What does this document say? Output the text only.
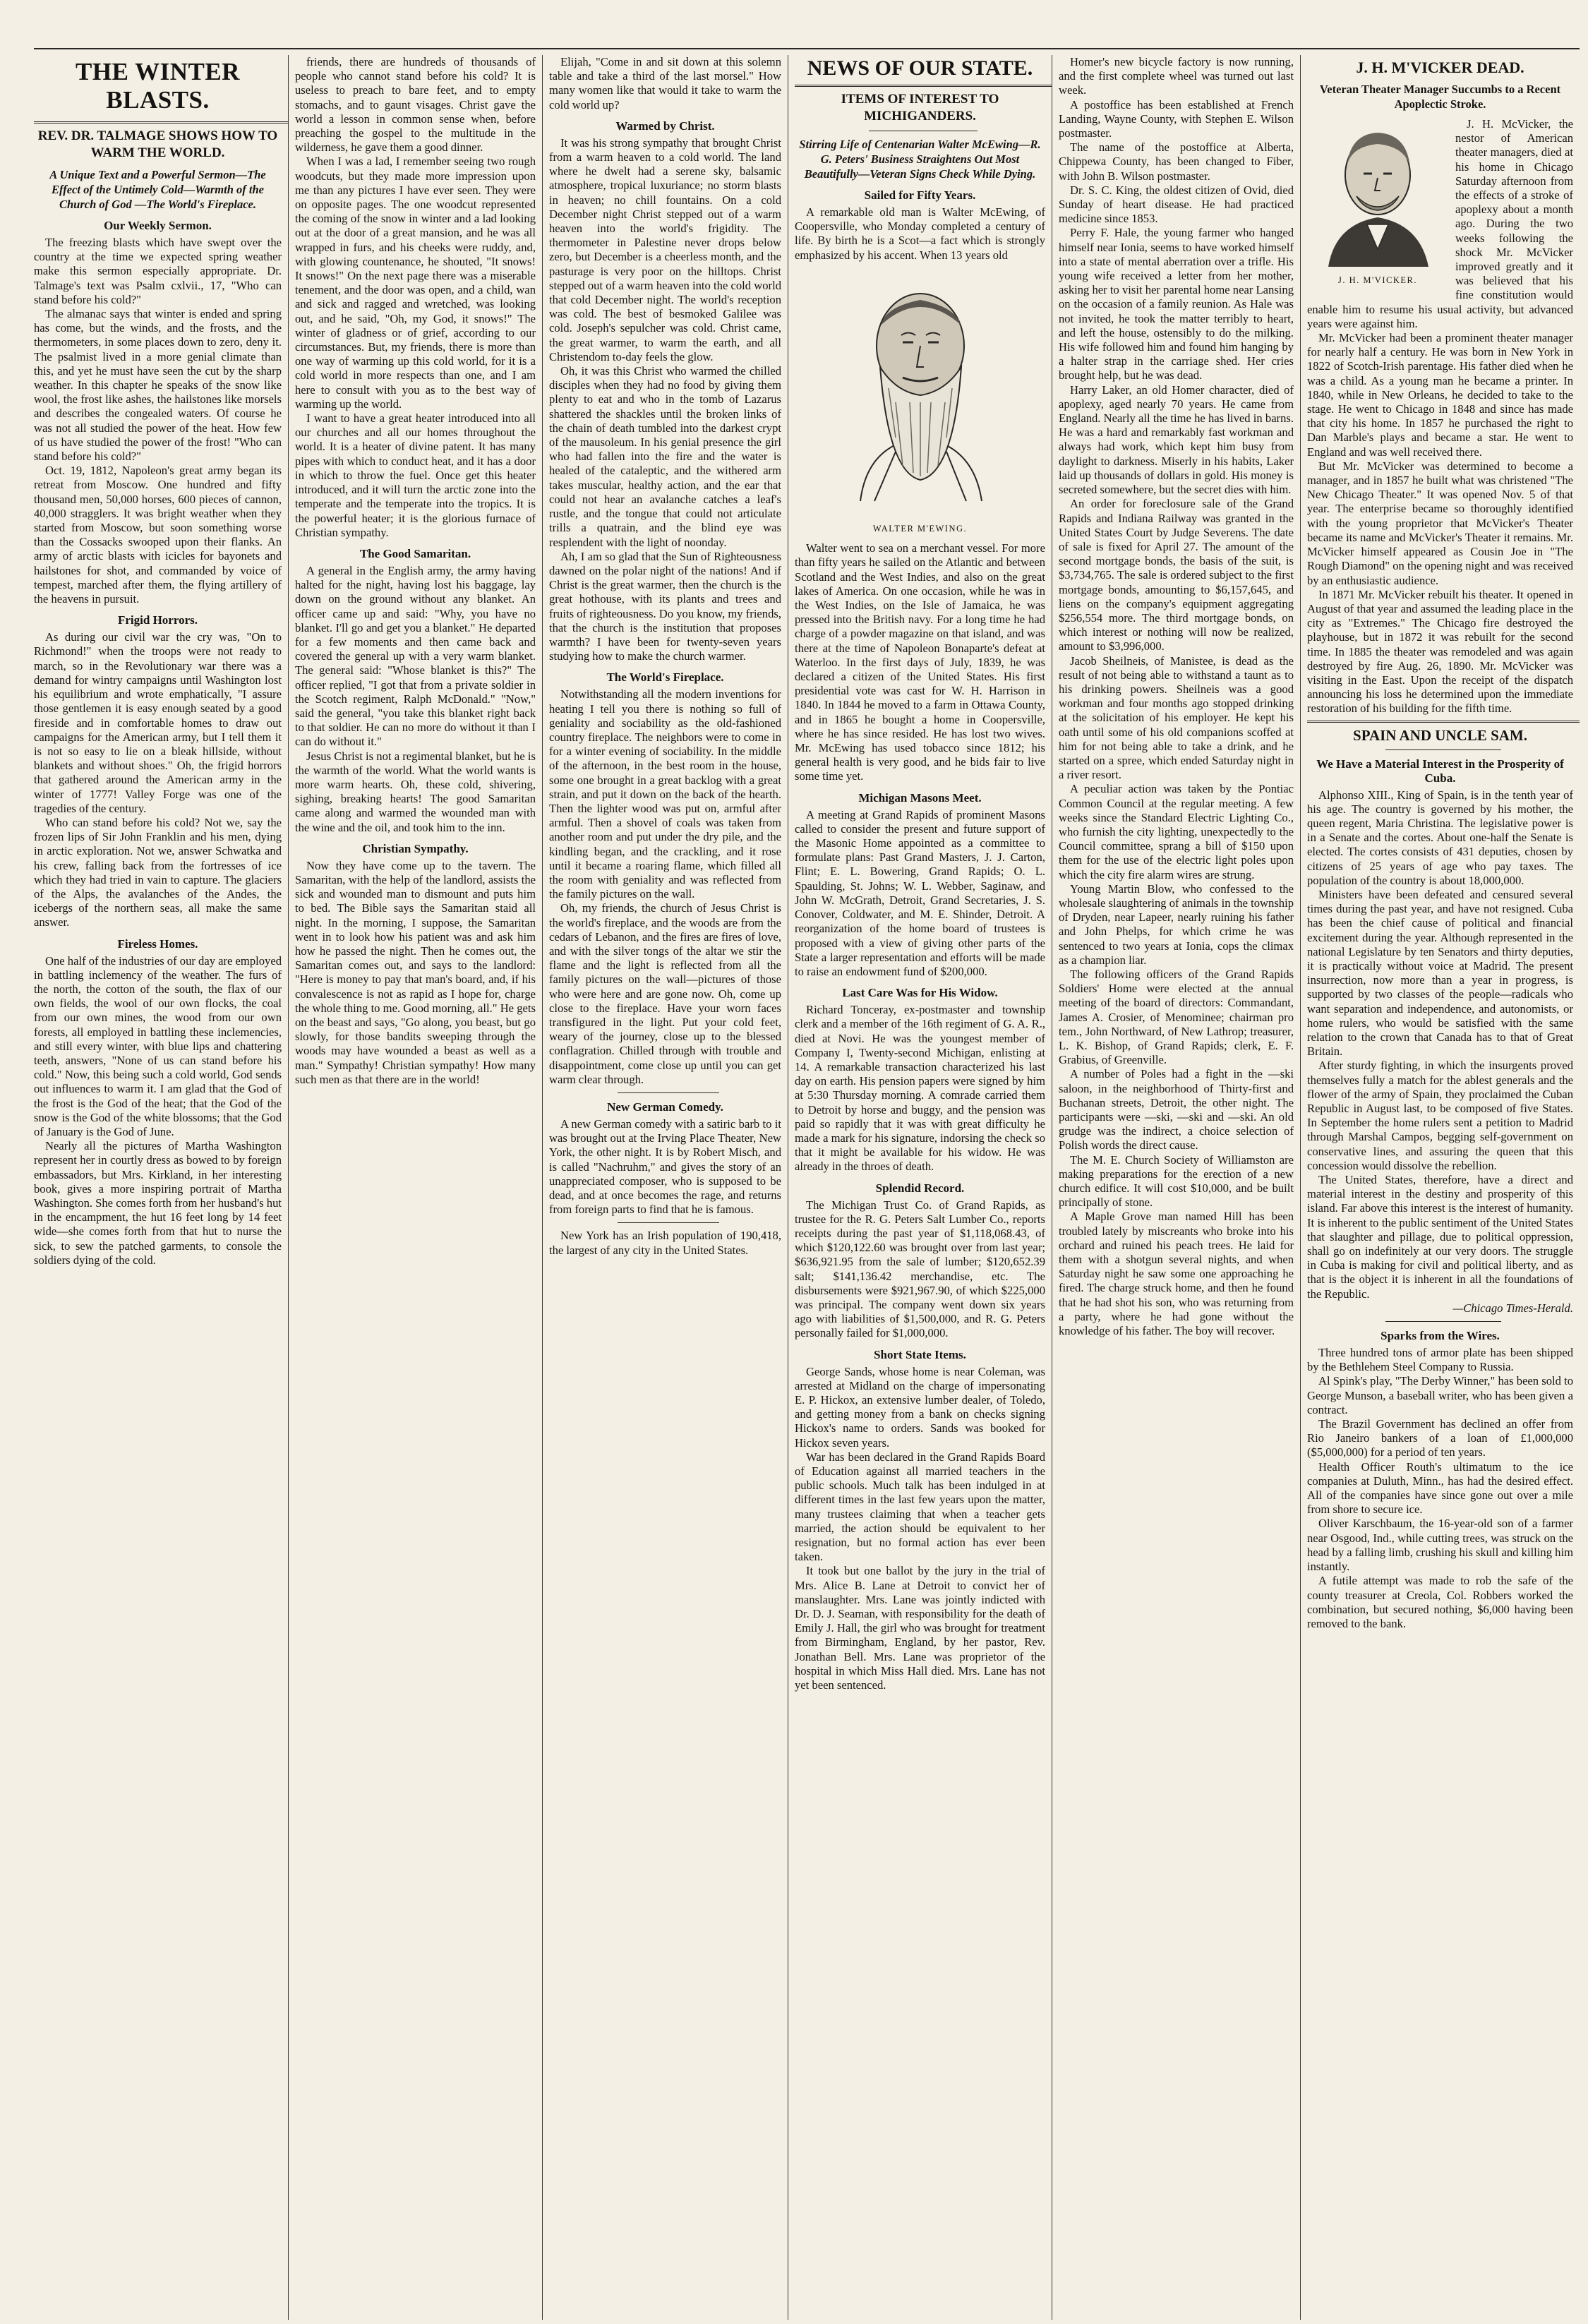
THE WINTER BLASTS.
REV. DR. TALMAGE SHOWS HOW TO WARM THE WORLD.
A Unique Text and a Powerful Sermon—The Effect of the Untimely Cold—Warmth of the Church of God —The World's Fireplace.
Our Weekly Sermon.

The freezing blasts which have swept over the country at the time we expected spring weather make this sermon especially appropriate. Dr. Talmage's text was Psalm cxlvii., 17, "Who can stand before his cold?"

The almanac says that winter is ended and spring has come, but the winds, and the frosts, and the thermometers, in some places down to zero, deny it. The psalmist lived in a more genial climate than this, and yet he must have seen the cut by the sharp weather. In this chapter he speaks of the snow like wool, the frost like ashes, the hailstones like morsels and describes the congealed waters. Of course he was not all studied the power of the heat. How few of us have studied the power of the frost! "Who can stand before his cold?"

Oct. 19, 1812, Napoleon's great army began its retreat from Moscow. One hundred and fifty thousand men, 50,000 horses, 600 pieces of cannon, 40,000 stragglers. It was bright weather when they started from Moscow, but soon something worse than the Cossacks swooped upon their flanks. An army of arctic blasts with icicles for bayonets and hailstones for shot, and commanded by voice of tempest, marched after them, the flying artillery of the heavens in pursuit.

Frigid Horrors.

As during our civil war the cry was, "On to Richmond!" when the troops were not ready to march, so in the Revolutionary war there was a demand for wintry campaigns until Washington lost his equilibrium and wrote emphatically, "I assure those gentlemen it is easy enough seated by a good fireside and in comfortable homes to draw out campaigns for the American army, but I tell them it is not so easy to lie on a bleak hillside, without blankets and without shoes." Oh, the frigid horrors that gathered around the American army in the winter of 1777! Valley Forge was one of the tragedies of the century.

Who can stand before his cold? Not we, say the frozen lips of Sir John Franklin and his men, dying in arctic exploration. Not we, answer Schwatka and his crew, falling back from the fortresses of ice which they had tried in vain to capture. The glaciers of the Alps, the avalanches of the Andes, the icebergs of the northern seas, all make the same answer.

Fireless Homes.

One half of the industries of our day are employed in battling inclemency of the weather. The furs of the north, the cotton of the south, the flax of our own fields, the wool of our own flocks, the coal from our own mines, the wood from our own forests, all employed in battling these inclemencies, and still every winter, with blue lips and chattering teeth, answers, "None of us can stand before his cold." Now, this being such a cold world, God sends out influences to warm it. I am glad that the God of the frost is the God of the heat; that the God of the snow is the God of the white blossoms; that the God of January is the God of June.

Nearly all the pictures of Martha Washington represent her in courtly dress as bowed to by foreign embassadors, but Mrs. Kirkland, in her interesting book, gives a more inspiring portrait of Martha Washington. She comes forth from her husband's hut in the encampment, the hut 16 feet long by 14 feet wide—she comes forth from that hut to nurse the sick, to sew the patched garments, to console the soldiers dying of the cold.

friends, there are hundreds of thousands of people who cannot stand before his cold? It is useless to preach to bare feet, and to empty stomachs, and to gaunt visages. Christ gave the world a lesson in common sense when, before preaching the gospel to the multitude in the wilderness, he gave them a good dinner.

When I was a lad, I remember seeing two rough woodcuts, but they made more impression upon me than any pictures I have ever seen. They were on opposite pages. The one woodcut represented the coming of the snow in winter and a lad looking out at the door of a great mansion, and he was all wrapped in furs, and his cheeks were ruddy, and, with glowing countenance, he shouted, "It snows! It snows!" On the next page there was a miserable tenement, and the door was open, and a child, wan and sick and ragged and wretched, was looking out, and he said, "Oh, my God, it snows!" The winter of gladness or of grief, according to our circumstances. But, my friends, there is more than one way of warming up this cold world, for it is a cold world in more respects than one, and I am here to consult with you as to the best way of warming up the world.

I want to have a great heater introduced into all our churches and all our homes throughout the world. It is a heater of divine patent. It has many pipes with which to conduct heat, and it has a door in which to throw the fuel. Once get this heater introduced, and it will turn the arctic zone into the temperate and the temperate into the tropics. It is the powerful heater; it is the glorious furnace of Christian sympathy.

The Good Samaritan.

A general in the English army, the army having halted for the night, having lost his baggage, lay down on the ground without any blanket. An officer came up and said: "Why, you have no blanket. I'll go and get you a blanket." He departed for a few moments and then came back and covered the general up with a very warm blanket. The general said: "Whose blanket is this?" The officer replied, "I got that from a private soldier in the Scotch regiment, Ralph McDonald." "Now," said the general, "you take this blanket right back to that soldier. He can no more do without it than I can do without it."

Jesus Christ is not a regimental blanket, but he is the warmth of the world. What the world wants is more warm hearts. Oh, these cold, shivering, sighing, breaking hearts! The good Samaritan came along and warmed the wounded man with the wine and the oil, and took him to the inn.

Christian Sympathy.

Now they have come up to the tavern. The Samaritan, with the help of the landlord, assists the sick and wounded man to dismount and puts him to bed. The Bible says the Samaritan staid all night. In the morning, I suppose, the Samaritan went in to look how his patient was and ask him how he passed the night. Then he comes out, the Samaritan comes out, and says to the landlord: "Here is money to pay that man's board, and, if his convalescence is not as rapid as I hope for, charge the whole thing to me. Good morning, all." He gets on the beast and says, "Go along, you beast, but go slowly, for those bandits sweeping through the woods may have wounded a beast as well as a man." Sympathy! Christian sympathy! How many such men as that there are in the world!

Elijah, "Come in and sit down at this solemn table and take a third of the last morsel." How many women like that would it take to warm the cold world up?

Warmed by Christ.

It was his strong sympathy that brought Christ from a warm heaven to a cold world. The land where he dwelt had a serene sky, balsamic atmosphere, tropical luxuriance; no storm blasts in heaven; no chill fountains. On a cold December night Christ stepped out of a warm heaven into the world's frigidity. The thermometer in Palestine never drops below zero, but December is a cheerless month, and the pasturage is very poor on the hilltops. Christ stepped out of a warm heaven into the cold world that cold December night. The world's reception was cold. The best of besmoked Galilee was cold. Joseph's sepulcher was cold. Christ came, the great warmer, to warm the earth, and all Christendom to-day feels the glow.

Oh, it was this Christ who warmed the chilled disciples when they had no food by giving them plenty to eat and who in the tomb of Lazarus shattered the shackles until the broken links of the chain of death tumbled into the darkest crypt of the mausoleum. In his genial presence the girl who had fallen into the fire and the water is healed of the cataleptic, and the withered arm takes muscular, healthy action, and the ear that could not hear an avalanche catches a leaf's rustle, and the tongue that could not articulate trills a quatrain, and the blind eye was resplendent with the light of noonday.

Ah, I am so glad that the Sun of Righteousness dawned on the polar night of the nations! And if Christ is the great warmer, then the church is the great hothouse, with its plants and trees and fruits of righteousness. Do you know, my friends, that the church is the institution that proposes warmth? I have been for twenty-seven years studying how to make the church warmer.

The World's Fireplace.

Notwithstanding all the modern inventions for heating I tell you there is nothing so full of geniality and sociability as the old-fashioned country fireplace. The neighbors were to come in for a winter evening of sociability. In the middle of the afternoon, in the best room in the house, some one brought in a great backlog with a great strain, and put it down on the back of the hearth. Then the lighter wood was put on, armful after armful. Then a shovel of coals was taken from another room and put under the dry pile, and the kindling began, and the crackling, and it rose until it became a roaring flame, which filled all the room with geniality and was reflected from the family pictures on the wall.

Oh, my friends, the church of Jesus Christ is the world's fireplace, and the woods are from the cedars of Lebanon, and the fires are fires of love, and with the silver tongs of the altar we stir the flame and the light is reflected from all the family pictures on the wall—pictures of those who were here and are gone now. Oh, come up close to the fireplace. Have your worn faces transfigured in the light. Put your cold feet, weary of the journey, close up to the blessed conflagration. Chilled through with trouble and disappointment, come close up until you can get warm clear through.

New German Comedy.

A new German comedy with a satiric barb to it was brought out at the Irving Place Theater, New York, the other night. It is by Robert Misch, and is called "Nachruhm," and gives the story of an unappreciated composer, who is supposed to be dead, and at once becomes the rage, and returns from foreign parts to find that he is famous.

New York has an Irish population of 190,418, the largest of any city in the United States.

NEWS OF OUR STATE.
ITEMS OF INTEREST TO MICHIGANDERS.
Stirring Life of Centenarian Walter McEwing—R. G. Peters' Business Straightens Out Most Beautifully—Veteran Signs Check While Dying.
Sailed for Fifty Years.

A remarkable old man is Walter McEwing, of Coopersville, who Monday completed a century of life. By birth he is a Scot—a fact which is strongly emphasized by his accent. When 13 years old

WALTER M'EWING.

Walter went to sea on a merchant vessel. For more than fifty years he sailed on the Atlantic and between Scotland and the West Indies, and also on the great lakes of America. On one occasion, while he was in the West Indies, on the Isle of Jamaica, he was pressed into the British navy. For a long time he had charge of a powder magazine on that island, and was there at the time of Napoleon Bonaparte's defeat at Waterloo. In the first days of July, 1839, he was declared a citizen of the United States. His first presidential vote was cast for W. H. Harrison in 1840. In 1844 he moved to a farm in Ottawa County, and in 1865 he bought a home in Coopersville, where he has since resided. He has lost two wives. Mr. McEwing has used tobacco since 1812; his general health is very good, and he bids fair to live some time yet.

Michigan Masons Meet.

A meeting at Grand Rapids of prominent Masons called to consider the present and future support of the Masonic Home appointed as a committee to formulate plans: Past Grand Masters, J. J. Carton, Flint; E. L. Bowering, Grand Rapids; O. L. Spaulding, St. Johns; W. L. Webber, Saginaw, and John W. McGrath, Detroit, Grand Secretaries, J. S. Conover, Coldwater, and M. E. Shinder, Detroit. A reorganization of the home board of trustees is proposed with a view of giving other parts of the State a larger representation and efforts will be made to raise an endowment fund of $200,000.

Last Care Was for His Widow.

Richard Tonceray, ex-postmaster and township clerk and a member of the 16th regiment of G. A. R., died at Novi. He was the youngest member of Company I, Twenty-second Michigan, enlisting at 14. A remarkable transaction characterized his last day on earth. His pension papers were signed by him at 5:30 Thursday morning. A comrade carried them to Detroit by horse and buggy, and the pension was paid so rapidly that it was with great difficulty he made a mark for his signature, indorsing the check so that it might be available for his widow. He was already in the throes of death.

Splendid Record.

The Michigan Trust Co. of Grand Rapids, as trustee for the R. G. Peters Salt Lumber Co., reports receipts during the past year of $1,118,068.43, of which $120,122.60 was brought over from last year; $636,921.95 from the sale of lumber; $120,652.39 salt; $141,136.42 merchandise, etc. The disbursements were $921,967.90, of which $225,000 was principal. The company went down six years ago with liabilities of $1,500,000, and R. G. Peters personally failed for $1,000,000.

Short State Items.

George Sands, whose home is near Coleman, was arrested at Midland on the charge of impersonating E. P. Hickox, an extensive lumber dealer, of Toledo, and getting money from a bank on checks signing Hickox's name to orders. Sands was booked for Hickox seven years.

War has been declared in the Grand Rapids Board of Education against all married teachers in the public schools. Much talk has been indulged in at different times in the last few years upon the matter, many trustees claiming that when a teacher gets married, the action should be equivalent to her resignation, but no formal action has ever been taken.

It took but one ballot by the jury in the trial of Mrs. Alice B. Lane at Detroit to convict her of manslaughter. Mrs. Lane was jointly indicted with Dr. D. J. Seaman, with responsibility for the death of Emily J. Hall, the girl who was brought for treatment from Birmingham, England, by her pastor, Rev. Jonathan Bell. Mrs. Lane was proprietor of the hospital in which Miss Hall died. Mrs. Lane has not yet been sentenced.

Homer's new bicycle factory is now running, and the first complete wheel was turned out last week.

A postoffice has been established at French Landing, Wayne County, with Stephen E. Wilson postmaster.

The name of the postoffice at Alberta, Chippewa County, has been changed to Fiber, with John B. Wilson postmaster.

Dr. S. C. King, the oldest citizen of Ovid, died Sunday of heart disease. He had practiced medicine since 1853.

Perry F. Hale, the young farmer who hanged himself near Ionia, seems to have worked himself into a state of mental aberration over a trifle. His young wife received a letter from her mother, asking her to visit her parental home near Lansing on the occasion of a family reunion. As Hale was not invited, he took the matter terribly to heart, and left the house, ostensibly to do the milking. His wife followed him and found him hanging by a halter strap in the carriage shed. Her cries brought help, but he was dead.

Harry Laker, an old Homer character, died of apoplexy, aged nearly 70 years. He came from England. Nearly all the time he has lived in barns. He was a hard and remarkably fast workman and always had work, which kept him busy from daylight to darkness. Miserly in his habits, Laker laid up thousands of dollars in gold. His money is secreted somewhere, but the secret dies with him.

An order for foreclosure sale of the Grand Rapids and Indiana Railway was granted in the United States Court by Judge Severens. The date of sale is fixed for April 27. The amount of the second mortgage bonds, the basis of the suit, is $3,734,765. The sale is ordered subject to the first mortgage bonds, amounting to $6,157,645, and liens on the company's equipment aggregating $256,554 more. The third mortgage bonds, on which interest or nothing will now be realized, amount to $3,996,000.

Jacob Sheilneis, of Manistee, is dead as the result of not being able to withstand a taunt as to his drinking powers. Sheilneis was a good workman and four months ago stopped drinking at the solicitation of his employer. He kept his oath until some of his old companions scoffed at him for not being able to take a drink, and he started on a spree, which ended Saturday night in a river resort.

A peculiar action was taken by the Pontiac Common Council at the regular meeting. A few weeks since the Standard Electric Lighting Co., who furnish the city lighting, unexpectedly to the Council committee, sprang a bill of $150 upon them for the use of the electric light poles upon which the city fire alarm wires are strung.

Young Martin Blow, who confessed to the wholesale slaughtering of animals in the township of Dryden, near Lapeer, nearly ruining his father and John Phelps, for which crime he was sentenced to two years at Ionia, cops the climax as a champion liar.

The following officers of the Grand Rapids Soldiers' Home were elected at the annual meeting of the board of directors: Commandant, James A. Crosier, of Menominee; chairman pro tem., John Northward, of New Lathrop; treasurer, L. K. Bishop, of Grand Rapids; clerk, E. F. Grabius, of Greenville.

A number of Poles had a fight in the —ski saloon, in the neighborhood of Thirty-first and Buchanan streets, Detroit, the other night. The participants were —ski, —ski and —ski. An old grudge was the indirect, a choice selection of Polish words the direct cause.

The M. E. Church Society of Williamston are making preparations for the erection of a new church edifice. It will cost $10,000, and be built principally of stone.

A Maple Grove man named Hill has been troubled lately by miscreants who broke into his orchard and ruined his peach trees. He laid for them with a shotgun several nights, and when Saturday night he saw some one approaching he fired. The charge struck home, and then he found that he had shot his son, who was returning from a party, where he had gone without the knowledge of his father. The boy will recover.

J. H. M'VICKER DEAD.
Veteran Theater Manager Succumbs to a Recent Apoplectic Stroke.
J. H. M'VICKER.

J. H. McVicker, the nestor of American theater managers, died at his home in Chicago Saturday afternoon from the effects of a stroke of apoplexy about a month ago. During the two weeks following the shock Mr. McVicker improved greatly and it was believed that his fine constitution would enable him to resume his usual activity, but advanced years were against him.

Mr. McVicker had been a prominent theater manager for nearly half a century. He was born in New York in 1822 of Scotch-Irish parentage. His father died when he was a child. As a young man he became a printer. In 1840, while in New Orleans, he decided to take to the stage. He went to Chicago in 1848 and since has made that city his home. In 1857 he purchased the right to Dan Marble's plays and became a star. He went to England and was well received there.

But Mr. McVicker was determined to become a manager, and in 1857 he built what was christened "The New Chicago Theater." It was opened Nov. 5 of that year. The enterprise became so thoroughly identified with the young proprietor that McVicker's Theater became its name and McVicker's Theater it remains. Mr. McVicker himself appeared as Cousin Joe in "The Rough Diamond" on the opening night and was received by an enthusiastic audience.

In 1871 Mr. McVicker rebuilt his theater. It opened in August of that year and assumed the leading place in the city as "Extremes." The Chicago fire destroyed the playhouse, but in 1872 it was rebuilt for the second time. In 1885 the theater was remodeled and was again destroyed by fire Aug. 26, 1890. Mr. McVicker was visiting in the East. Upon the receipt of the dispatch announcing his loss he determined upon the immediate restoration of his building for the fifth time.

SPAIN AND UNCLE SAM.
We Have a Material Interest in the Prosperity of Cuba.

Alphonso XIII., King of Spain, is in the tenth year of his age. The country is governed by his mother, the queen regent, Maria Christina. The legislative power is in a Senate and the cortes. About one-half the Senate is elected. The cortes consists of 431 deputies, chosen by citizens of 25 years of age who pay taxes. The population of the country is about 18,000,000.

Ministers have been defeated and censured several times during the past year, and have not resigned. Cuba has been the chief cause of political and financial excitement during the year. Although represented in the national Legislature by ten Senators and thirty deputies, it is practically without voice at Madrid. The present insurrection, now more than a year in progress, is supported by two classes of the people—radicals who want separation and independence, and autonomists, or home rulers, who would be satisfied with the same relation to the crown that Canada has to that of Great Britain.

After sturdy fighting, in which the insurgents proved themselves fully a match for the ablest generals and the flower of the army of Spain, they proclaimed the Cuban Republic in August last, to be composed of five States. In September the home rulers sent a petition to Madrid through Marshal Campos, begging self-government on conservative lines, and assuring the queen that this concession would dissolve the rebellion.

The United States, therefore, have a direct and material interest in the destiny and prosperity of this island. Far above this interest is the interest of humanity. It is inherent to the public sentiment of the United States that slaughter and pillage, due to political oppression, shall go on indefinitely at our very doors. The struggle in Cuba is making for civil and political liberty, and as that is the object it is inherent in all the foundations of the Republic.

—Chicago Times-Herald.
Sparks from the Wires.

Three hundred tons of armor plate has been shipped by the Bethlehem Steel Company to Russia.

Al Spink's play, "The Derby Winner," has been sold to George Munson, a baseball writer, who has been given a contract.

The Brazil Government has declined an offer from Rio Janeiro bankers of a loan of £1,000,000 ($5,000,000) for a period of ten years.

Health Officer Routh's ultimatum to the ice companies at Duluth, Minn., has had the desired effect. All of the companies have since gone out over a mile from shore to secure ice.

Oliver Karschbaum, the 16-year-old son of a farmer near Osgood, Ind., while cutting trees, was struck on the head by a falling limb, crushing his skull and killing him instantly.

A futile attempt was made to rob the safe of the county treasurer at Creola, Col. Robbers worked the combination, but secured nothing, $6,000 having been removed to the bank.
